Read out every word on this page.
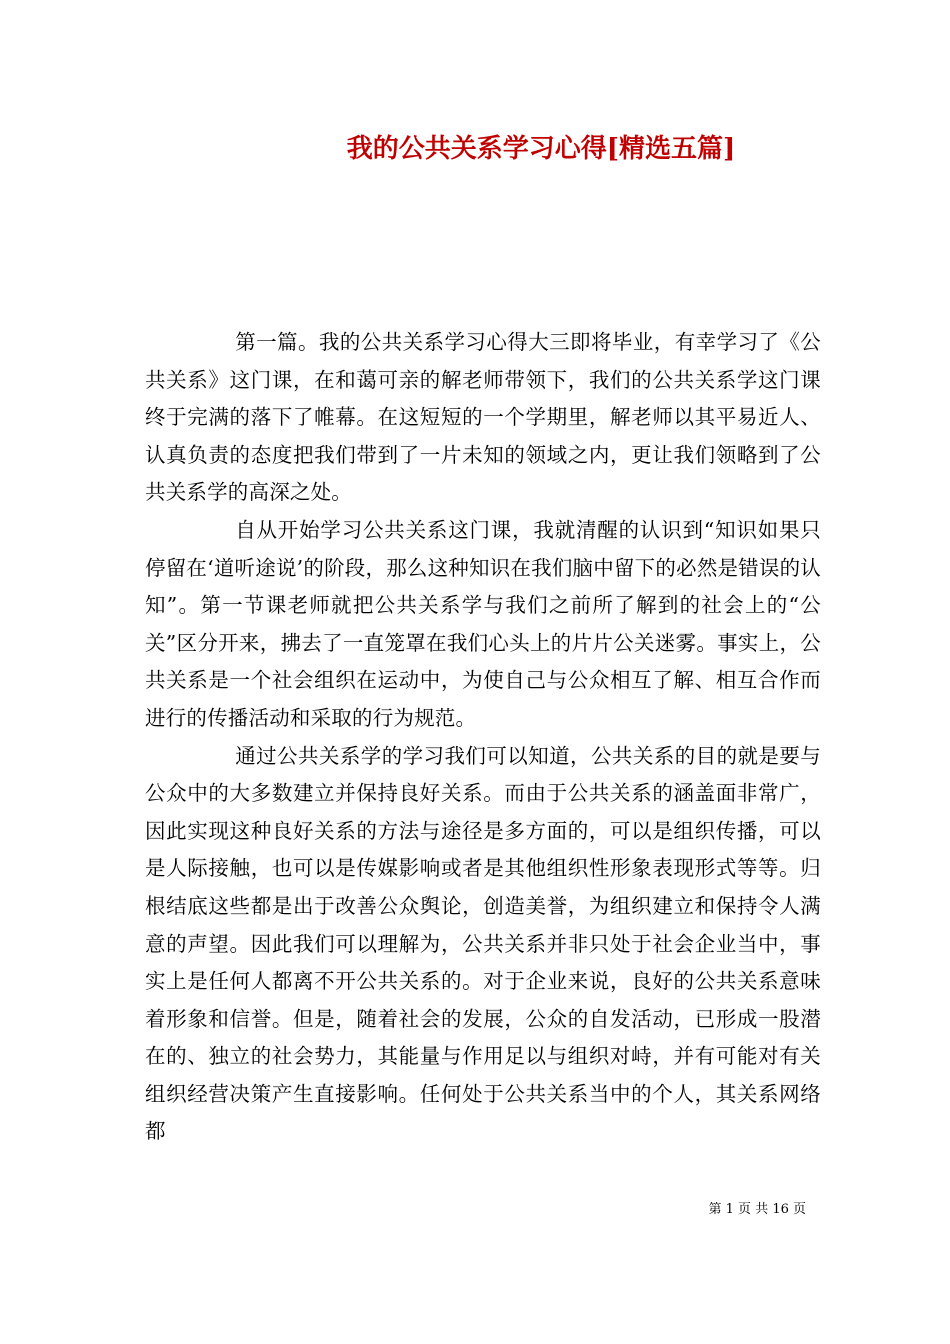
我的公共关系学习心得[精选五篇]

第一篇。我的公共关系学习心得大三即将毕业，有幸学习了《公共关系》这门课，在和蔼可亲的解老师带领下，我们的公共关系学这门课终于完满的落下了帷幕。在这短短的一个学期里，解老师以其平易近人、认真负责的态度把我们带到了一片未知的领域之内，更让我们领略到了公共关系学的高深之处。

自从开始学习公共关系这门课，我就清醒的认识到“知识如果只停留在‘道听途说’的阶段，那么这种知识在我们脑中留下的必然是错误的认知”。第一节课老师就把公共关系学与我们之前所了解到的社会上的“公关”区分开来，拂去了一直笼罩在我们心头上的片片公关迷雾。事实上，公共关系是一个社会组织在运动中，为使自己与公众相互了解、相互合作而进行的传播活动和采取的行为规范。

通过公共关系学的学习我们可以知道，公共关系的目的就是要与公众中的大多数建立并保持良好关系。而由于公共关系的涵盖面非常广，因此实现这种良好关系的方法与途径是多方面的，可以是组织传播，可以是人际接触，也可以是传媒影响或者是其他组织性形象表现形式等等。归根结底这些都是出于改善公众舆论，创造美誉，为组织建立和保持令人满意的声望。因此我们可以理解为，公共关系并非只处于社会企业当中，事实上是任何人都离不开公共关系的。对于企业来说，良好的公共关系意味着形象和信誉。但是，随着社会的发展，公众的自发活动，已形成一股潜在的、独立的社会势力，其能量与作用足以与组织对峙，并有可能对有关组织经营决策产生直接影响。任何处于公共关系当中的个人，其关系网络都

第 1 页 共 16 页
